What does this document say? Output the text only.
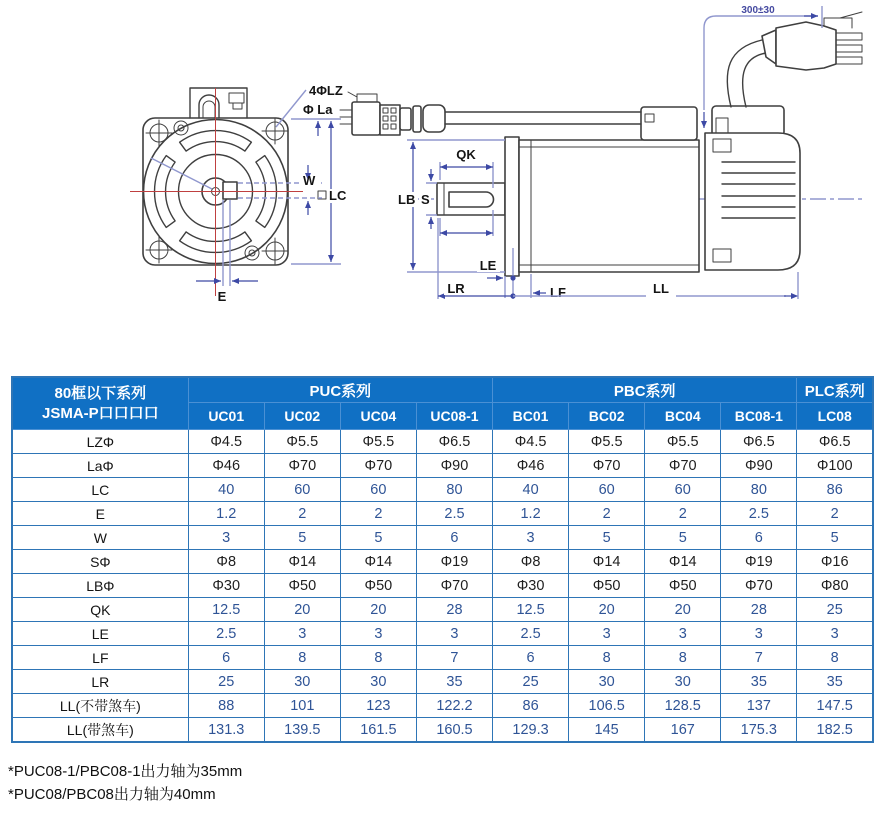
4ΦLZ
Φ La
LC
W
E
300±30
LB S
QK
LE
LR	LF	LL
80框以下系列
JSMA-P口口口口	PUC系列				PBC系列				PLC系列
	UC01	UC02	UC04	UC08-1	BC01	BC02	BC04	BC08-1	LC08
LZΦ	Φ4.5	Φ5.5	Φ5.5	Φ6.5	Φ4.5	Φ5.5	Φ5.5	Φ6.5	Φ6.5
LaΦ	Φ46	Φ70	Φ70	Φ90	Φ46	Φ70	Φ70	Φ90	Φ100
LC	40	60	60	80	40	60	60	80	86
E	1.2	2	2	2.5	1.2	2	2	2.5	2
W	3	5	5	6	3	5	5	6	5
SΦ	Φ8	Φ14	Φ14	Φ19	Φ8	Φ14	Φ14	Φ19	Φ16
LBΦ	Φ30	Φ50	Φ50	Φ70	Φ30	Φ50	Φ50	Φ70	Φ80
QK	12.5	20	20	28	12.5	20	20	28	25
LE	2.5	3	3	3	2.5	3	3	3	3
LF	6	8	8	7	6	8	8	7	8
LR	25	30	30	35	25	30	30	35	35
LL(不带煞车)	88	101	123	122.2	86	106.5	128.5	137	147.5
LL(带煞车)	131.3	139.5	161.5	160.5	129.3	145	167	175.3	182.5
*PUC08-1/PBC08-1出力轴为35mm
*PUC08/PBC08出力轴为40mm
